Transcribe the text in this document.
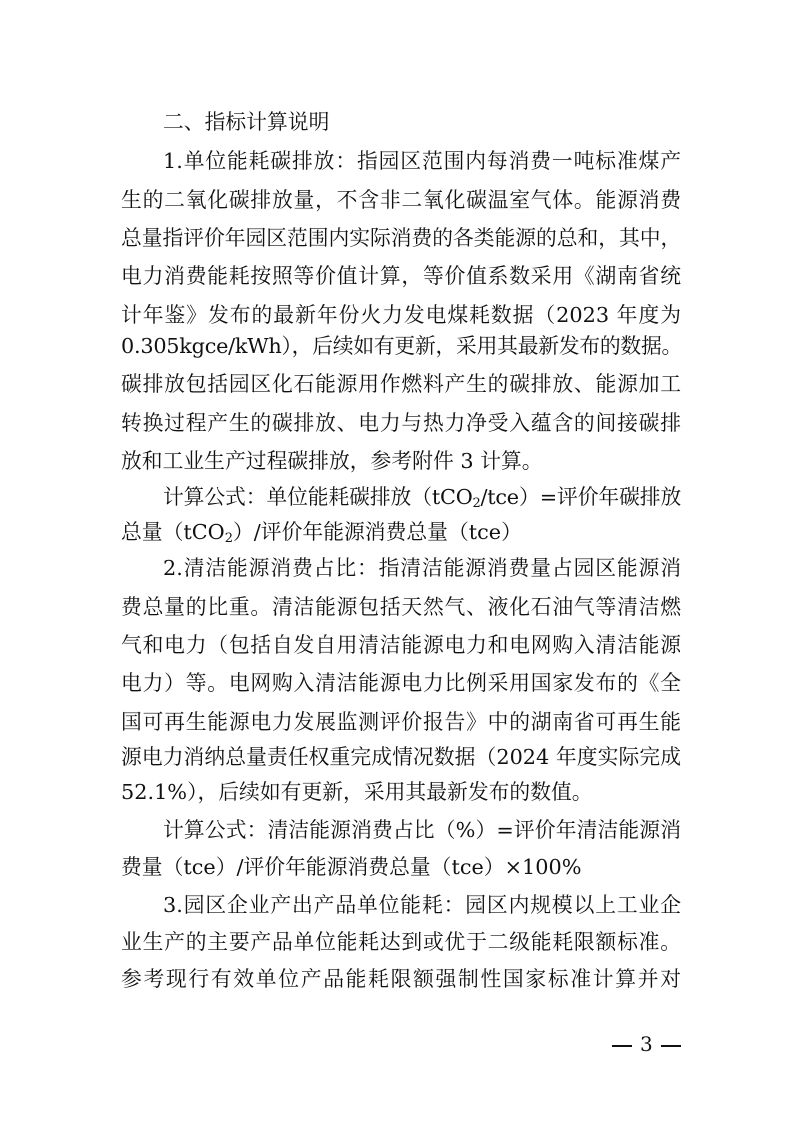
二、指标计算说明
1.单位能耗碳排放：指园区范围内每消费一吨标准煤产
生的二氧化碳排放量，不含非二氧化碳温室气体。能源消费
总量指评价年园区范围内实际消费的各类能源的总和，其中，
电力消费能耗按照等价值计算，等价值系数采用《湖南省统
计年鉴》发布的最新年份火力发电煤耗数据（2023 年度为
0.305kgce/kWh），后续如有更新，采用其最新发布的数据。
碳排放包括园区化石能源用作燃料产生的碳排放、能源加工
转换过程产生的碳排放、电力与热力净受入蕴含的间接碳排
放和工业生产过程碳排放，参考附件 3 计算。
计算公式：单位能耗碳排放（tCO$_2$/tce）=评价年碳排放
总量（tCO$_2$）/评价年能源消费总量（tce）
2.清洁能源消费占比：指清洁能源消费量占园区能源消
费总量的比重。清洁能源包括天然气、液化石油气等清洁燃
气和电力（包括自发自用清洁能源电力和电网购入清洁能源
电力）等。电网购入清洁能源电力比例采用国家发布的《全
国可再生能源电力发展监测评价报告》中的湖南省可再生能
源电力消纳总量责任权重完成情况数据（2024 年度实际完成
52.1%），后续如有更新，采用其最新发布的数值。
计算公式：清洁能源消费占比（%）=评价年清洁能源消
费量（tce）/评价年能源消费总量（tce）×100%
3.园区企业产出产品单位能耗：园区内规模以上工业企
业生产的主要产品单位能耗达到或优于二级能耗限额标准。
参考现行有效单位产品能耗限额强制性国家标准计算并对
3
